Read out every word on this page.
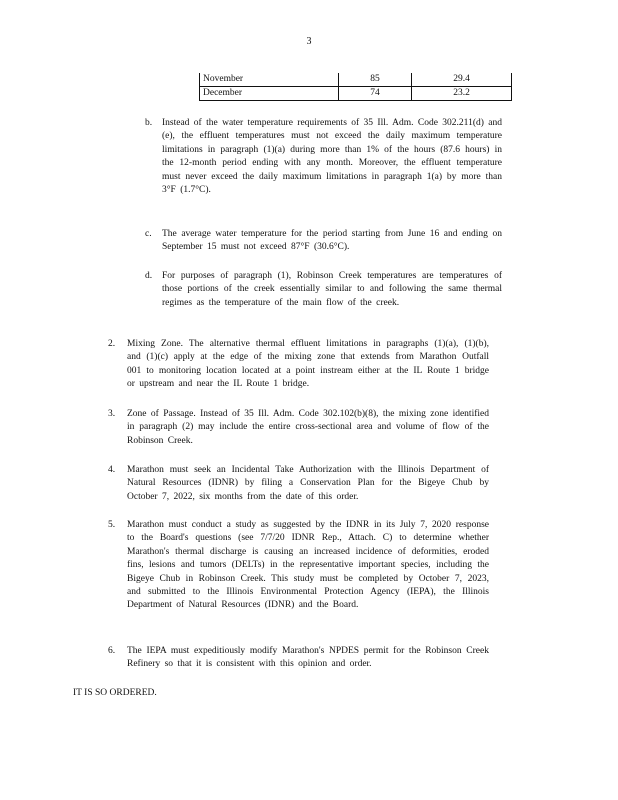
3
November	85	29.4
December	74	23.2
b. Instead of the water temperature requirements of 35 Ill. Adm. Code 302.211(d) and (e), the effluent temperatures must not exceed the daily maximum temperature limitations in paragraph (1)(a) during more than 1% of the hours (87.6 hours) in the 12-month period ending with any month. Moreover, the effluent temperature must never exceed the daily maximum limitations in paragraph 1(a) by more than 3°F (1.7°C).
c. The average water temperature for the period starting from June 16 and ending on September 15 must not exceed 87°F (30.6°C).
d. For purposes of paragraph (1), Robinson Creek temperatures are temperatures of those portions of the creek essentially similar to and following the same thermal regimes as the temperature of the main flow of the creek.
2. Mixing Zone. The alternative thermal effluent limitations in paragraphs (1)(a), (1)(b), and (1)(c) apply at the edge of the mixing zone that extends from Marathon Outfall 001 to monitoring location located at a point instream either at the IL Route 1 bridge or upstream and near the IL Route 1 bridge.
3. Zone of Passage. Instead of 35 Ill. Adm. Code 302.102(b)(8), the mixing zone identified in paragraph (2) may include the entire cross-sectional area and volume of flow of the Robinson Creek.
4. Marathon must seek an Incidental Take Authorization with the Illinois Department of Natural Resources (IDNR) by filing a Conservation Plan for the Bigeye Chub by October 7, 2022, six months from the date of this order.
5. Marathon must conduct a study as suggested by the IDNR in its July 7, 2020 response to the Board's questions (see 7/7/20 IDNR Rep., Attach. C) to determine whether Marathon's thermal discharge is causing an increased incidence of deformities, eroded fins, lesions and tumors (DELTs) in the representative important species, including the Bigeye Chub in Robinson Creek. This study must be completed by October 7, 2023, and submitted to the Illinois Environmental Protection Agency (IEPA), the Illinois Department of Natural Resources (IDNR) and the Board.
6. The IEPA must expeditiously modify Marathon's NPDES permit for the Robinson Creek Refinery so that it is consistent with this opinion and order.
IT IS SO ORDERED.
